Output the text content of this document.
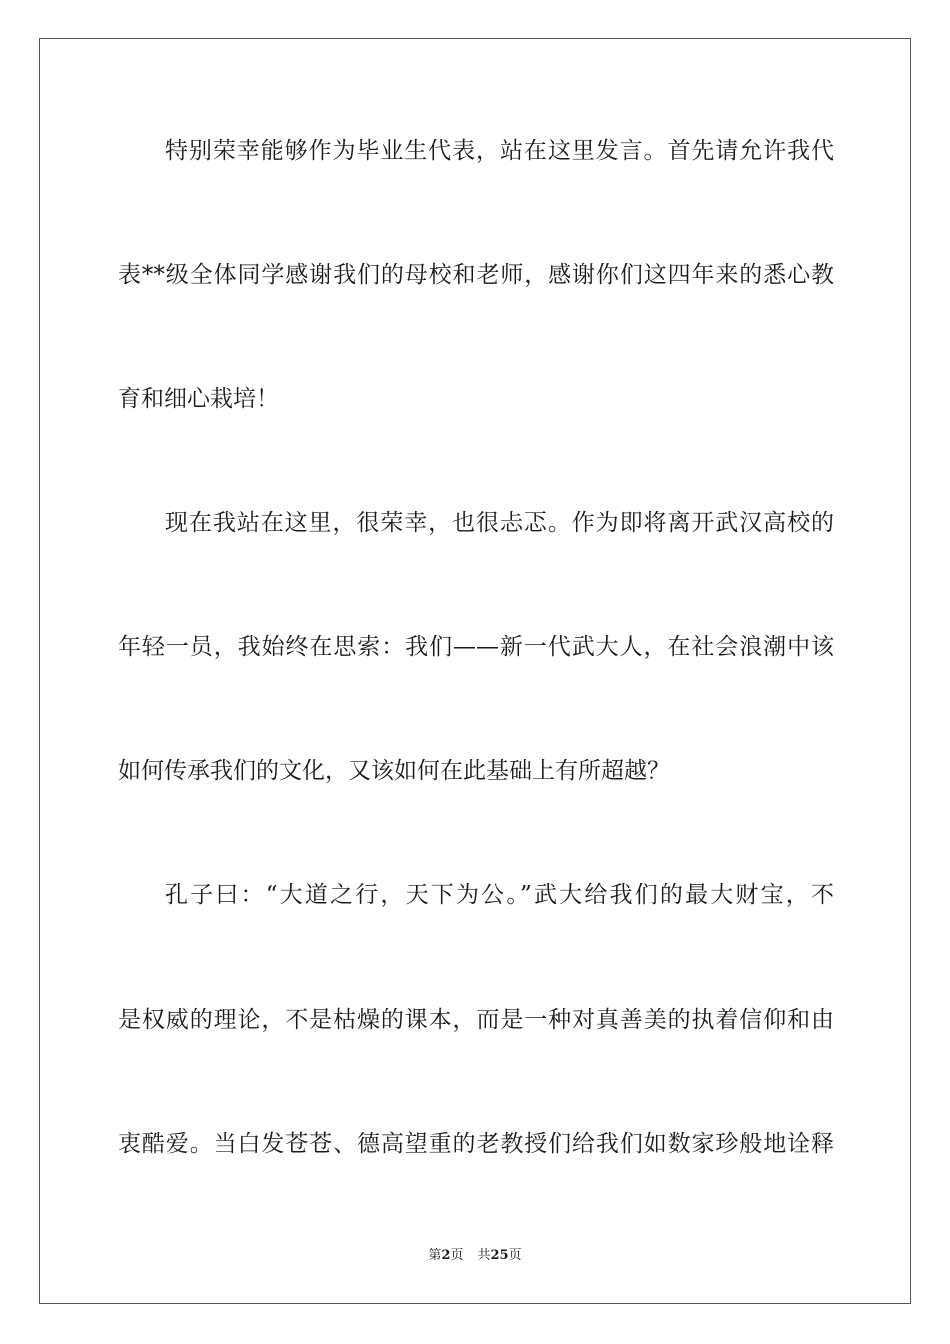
特别荣幸能够作为毕业生代表，站在这里发言。首先请允许我代
表**级全体同学感谢我们的母校和老师，感谢你们这四年来的悉心教
育和细心栽培！
现在我站在这里，很荣幸，也很忐忑。作为即将离开武汉高校的
年轻一员，我始终在思索：我们——新一代武大人，在社会浪潮中该
如何传承我们的文化，又该如何在此基础上有所超越？
孔子曰：“大道之行，天下为公。”武大给我们的最大财宝，不
是权威的理论，不是枯燥的课本，而是一种对真善美的执着信仰和由
衷酷爱。当白发苍苍、德高望重的老教授们给我们如数家珍般地诠释
第2页 共25页
